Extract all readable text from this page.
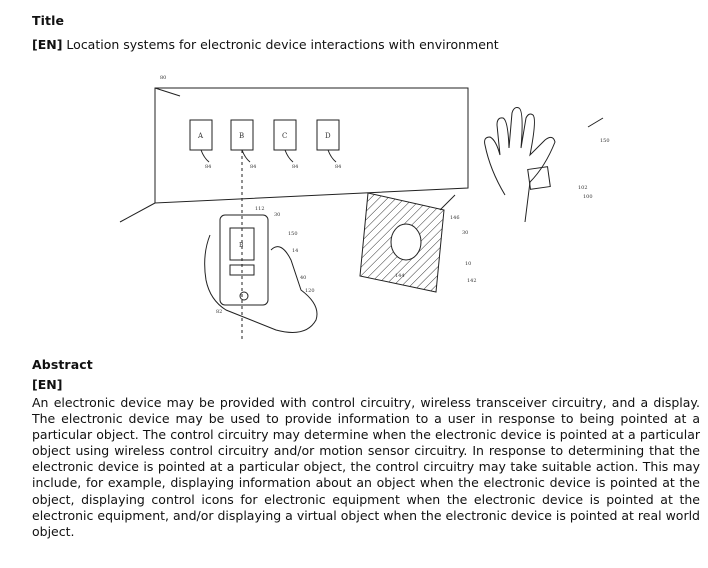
Title
[EN] Location systems for electronic device interactions with environment
A	B	C	D
B
80
84	84	84	84
112
30
150
14
40
120
82
30
10
142
144
146
150
102
100
Abstract
[EN]
An electronic device may be provided with control circuitry, wireless transceiver circuitry, and a display. The electronic device may be used to provide information to a user in response to being pointed at a particular object. The control circuitry may determine when the electronic device is pointed at a particular object using wireless control circuitry and/or motion sensor circuitry. In response to determining that the electronic device is pointed at a particular object, the control circuitry may take suitable action. This may include, for example, displaying information about an object when the electronic device is pointed at the object, displaying control icons for electronic equipment when the electronic device is pointed at the electronic equipment, and/or displaying a virtual object when the electronic device is pointed at real world object.
